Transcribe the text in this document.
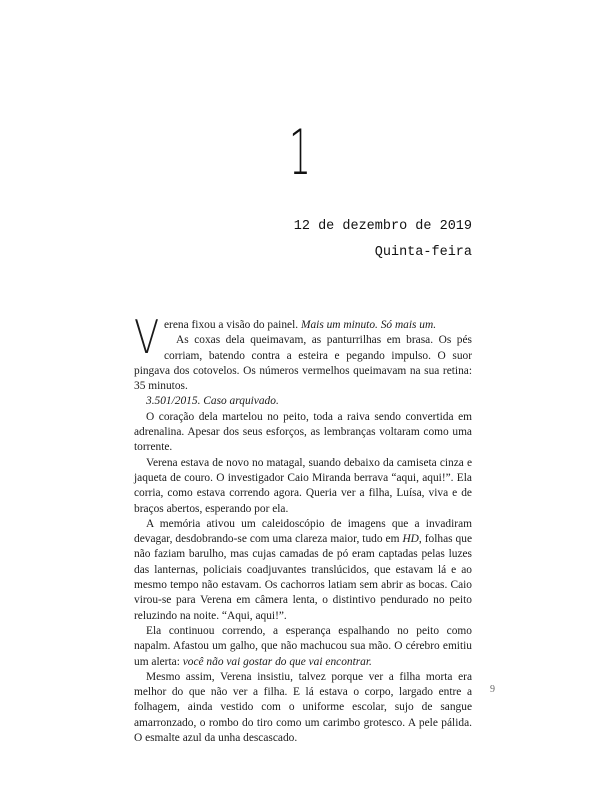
1
12 de dezembro de 2019
Quinta-feira

Verena fixou a visão do painel. Mais um minuto. Só mais um.

As coxas dela queimavam, as panturrilhas em brasa. Os pés corriam, batendo contra a esteira e pegando impulso. O suor pingava dos cotovelos. Os números vermelhos queimavam na sua retina: 35 minutos.

3.501/2015. Caso arquivado.

O coração dela martelou no peito, toda a raiva sendo convertida em adrenalina. Apesar dos seus esforços, as lembranças voltaram como uma torrente.

Verena estava de novo no matagal, suando debaixo da camiseta cinza e jaqueta de couro. O investigador Caio Miranda berrava “aqui, aqui!”. Ela corria, como estava correndo agora. Queria ver a filha, Luísa, viva e de braços abertos, esperando por ela.

A memória ativou um caleidoscópio de imagens que a invadiram devagar, desdobrando-se com uma clareza maior, tudo em HD, folhas que não faziam barulho, mas cujas camadas de pó eram captadas pelas luzes das lanternas, policiais coadjuvantes translúcidos, que estavam lá e ao mesmo tempo não estavam. Os cachorros latiam sem abrir as bocas. Caio virou-se para Verena em câmera lenta, o distintivo pendurado no peito reluzindo na noite. “Aqui, aqui!”.

Ela continuou correndo, a esperança espalhando no peito como napalm. Afastou um galho, que não machucou sua mão. O cérebro emitiu um alerta: você não vai gostar do que vai encontrar.

Mesmo assim, Verena insistiu, talvez porque ver a filha morta era melhor do que não ver a filha. E lá estava o corpo, largado entre a folhagem, ainda vestido com o uniforme escolar, sujo de sangue amarronzado, o rombo do tiro como um carimbo grotesco. A pele pálida. O esmalte azul da unha descascado.

9
